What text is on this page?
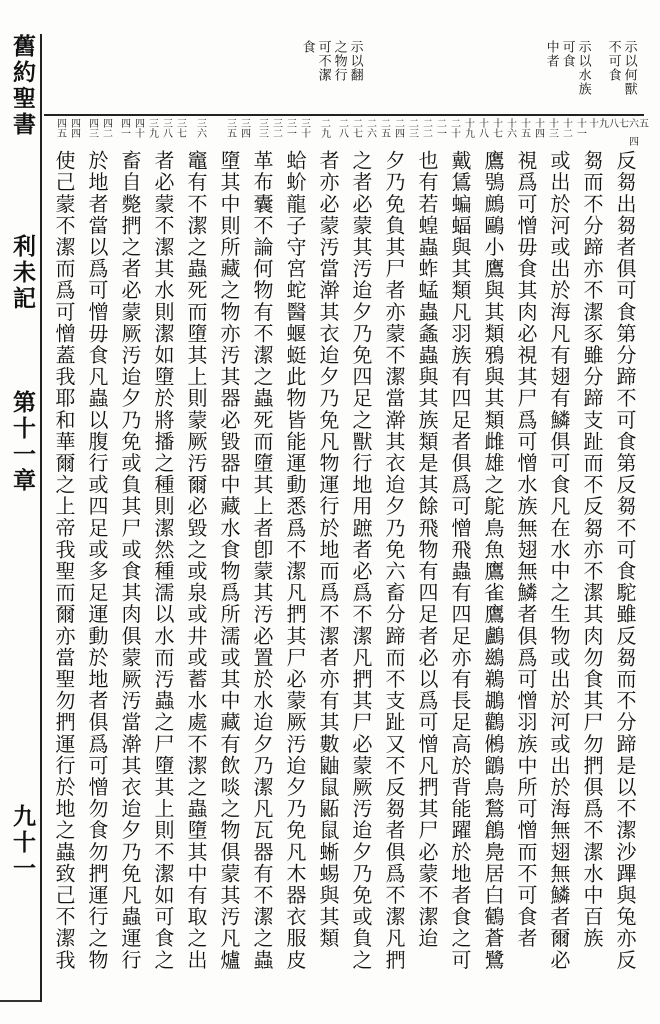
舊約聖書
利未記
第十一章
九十一
示以何獸
不可食
示以水族
可食
中者
示以翻
之物行
可不潔
食
四五 四四 四三 四二 四一 四十 三九 三八 三七 三六 三五 三四 三三 三二 三一 三十 二九 二八 二七 二六 二五 二四 二三 二二 二一 二十 十九 十八 十七 十六 十五 十四 十三 十二 十一 十 九 八 七 六 五
四
使己蒙不潔而爲可憎蓋我耶和華爾之上帝我聖而爾亦當聖勿捫運行於地之蟲致己不潔我 於地者當以爲可憎毋食凡蟲以腹行或四足或多足運動於地者俱爲可憎勿食勿捫運行之物 畜自斃捫之者必蒙厥汚迨夕乃免或負其尸或食其肉俱蒙厥汚當澣其衣迨夕乃免凡蟲運行 者必蒙不潔其水則潔如墮於將播之種則潔然種濡以水而汚蟲之尸墮其上則不潔如可食之 竈有不潔之蟲死而墮其上則蒙厥汚爾必毀之或泉或井或蓄水處不潔之蟲墮其中有取之出 墮其中則所藏之物亦汚其器必毀器中藏水食物爲所濡或其中藏有飲啖之物俱蒙其汚凡爐 革布囊不論何物有不潔之蟲死而墮其上者卽蒙其汚必置於水迨夕乃潔凡瓦器有不潔之蟲 蛤蚧龍子守宮蛇醫蝘蜓此物皆能運動悉爲不潔凡捫其尸必蒙厥汚迨夕乃免凡木器衣服皮 者亦必蒙汚當澣其衣迨夕乃免凡物運行於地而爲不潔者亦有其數鼬鼠鼫鼠蜥蜴與其類 之者必蒙其汚迨夕乃免四足之獸行地用蹠者必爲不潔凡捫其尸必蒙厥汚迨夕乃免或負之 夕乃免負其尸者亦蒙不潔當澣其衣迨夕乃免六畜分蹄而不支趾又不反芻者俱爲不潔凡捫 也有若蝗蟲蚱蜢蟲螽蟲與其族類是其餘飛物有四足者必以爲可憎凡捫其尸必蒙不潔迨 戴鵀蝙蝠與其類凡羽族有四足者俱爲可憎飛蟲有四足亦有長足高於背能躍於地者食之可 鷹鴞鷓鷗小鷹與其類鴉與其類雌雄之鴕鳥魚鷹雀鷹鸕鷀鵜鶘鸛鵂鶹鳥鶖鶬鳧居白鶴蒼鷺 視爲可憎毋食其肉必視其尸爲可憎水族無翅無鱗者俱爲可憎羽族中所可憎而不可食者 或出於河或出於海凡有翅有鱗俱可食凡在水中之生物或出於河或出於海無翅無鱗者爾必 芻而不分蹄亦不潔豕雖分蹄支趾而不反芻亦不潔其肉勿食其尸勿捫俱爲不潔水中百族 反芻出芻者俱可食第分蹄不可食第反芻不可食駝雖反芻而不分蹄是以不潔沙蹕與兔亦反
